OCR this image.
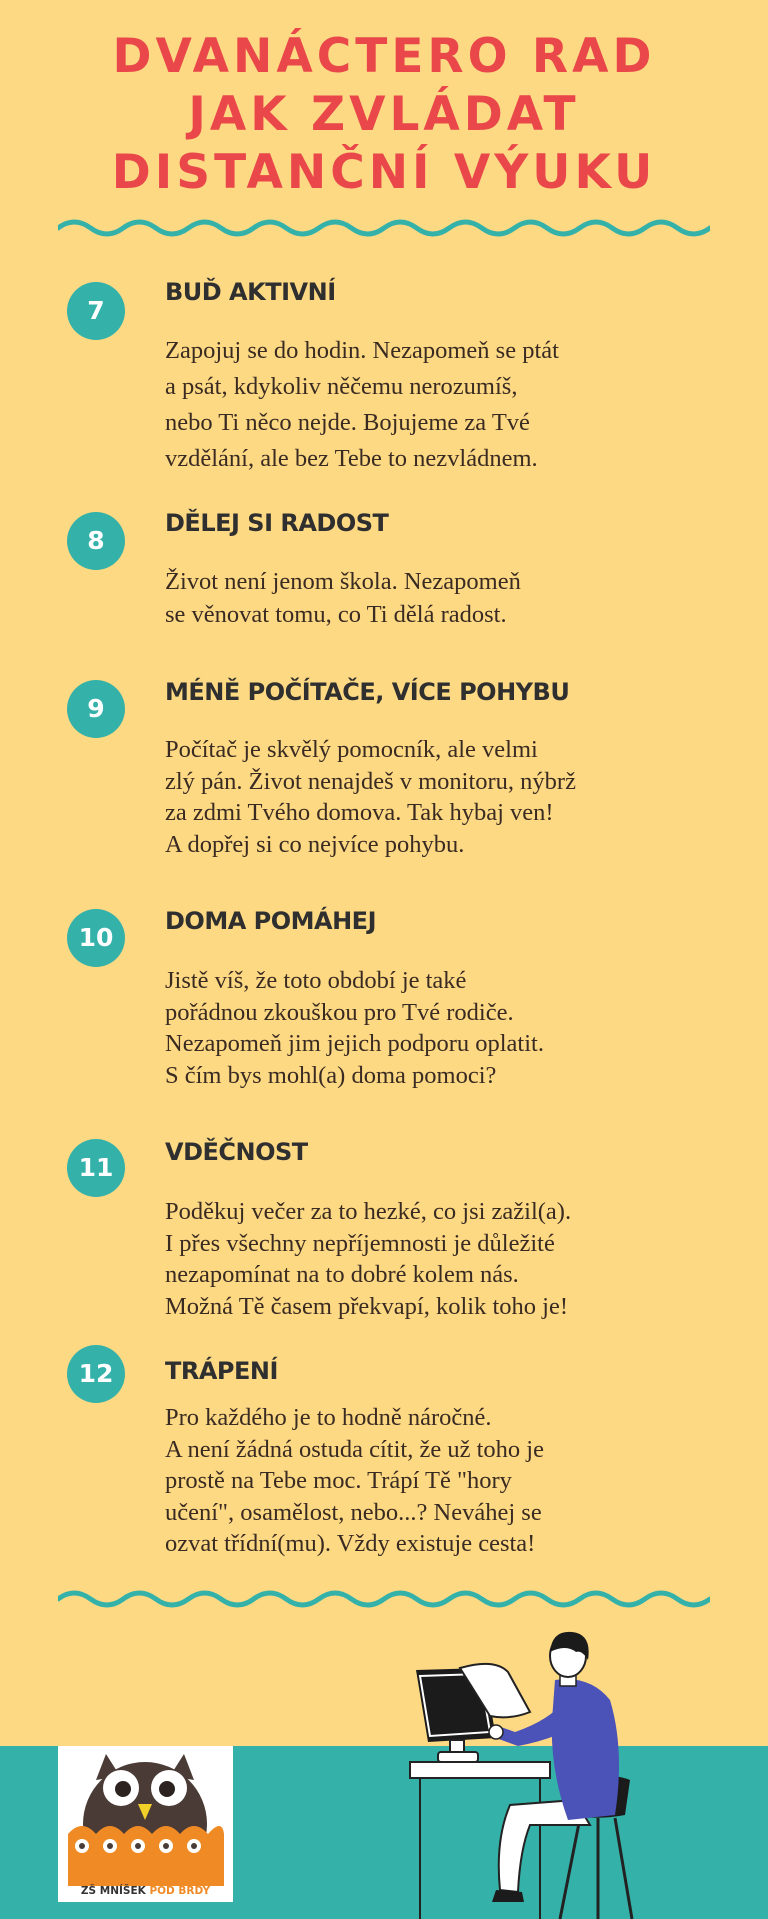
DVANÁCTERO RAD
JAK ZVLÁDAT
DISTANČNÍ VÝUKU
7
BUĎ AKTIVNÍ
Zapojuj se do hodin. Nezapomeň se ptát
a psát, kdykoliv něčemu nerozumíš,
nebo Ti něco nejde. Bojujeme za Tvé
vzdělání, ale bez Tebe to nezvládnem.
8
DĚLEJ SI RADOST
Život není jenom škola. Nezapomeň
se věnovat tomu, co Ti dělá radost.
9
MÉNĚ POČÍTAČE, VÍCE POHYBU
Počítač je skvělý pomocník, ale velmi
zlý pán. Život nenajdeš v monitoru, nýbrž
za zdmi Tvého domova. Tak hybaj ven!
A dopřej si co nejvíce pohybu.
10
DOMA POMÁHEJ
Jistě víš, že toto období je také
pořádnou zkouškou pro Tvé rodiče.
Nezapomeň jim jejich podporu oplatit.
S čím bys mohl(a) doma pomoci?
11
VDĚČNOST
Poděkuj večer za to hezké, co jsi zažil(a).
I přes všechny nepříjemnosti je důležité
nezapomínat na to dobré kolem nás.
Možná Tě časem překvapí, kolik toho je!
12	TRÁPENÍ
Pro každého je to hodně náročné.
A není žádná ostuda cítit, že už toho je
prostě na Tebe moc. Trápí Tě "hory
učení", osamělost, nebo...? Neváhej se
ozvat třídní(mu). Vždy existuje cesta!
ZŠ MNÍŠEK POD BRDY
